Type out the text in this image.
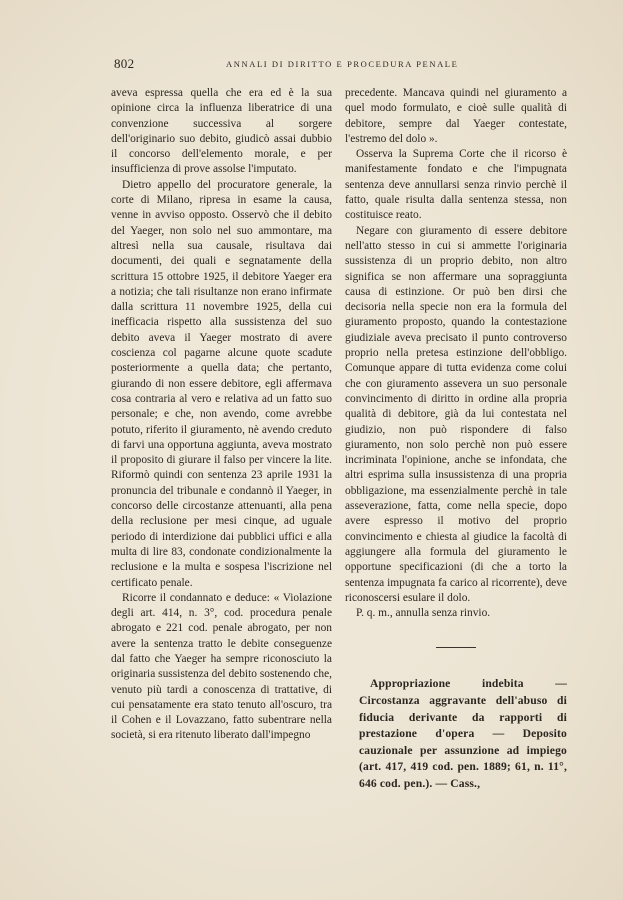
802	ANNALI DI DIRITTO E PROCEDURA PENALE

aveva espressa quella che era ed è la sua opinione circa la influenza liberatrice di una convenzione successiva al sorgere dell'originario suo debito, giudicò assai dubbio il concorso dell'elemento morale, e per insufficienza di prove assolse l'imputato.

Dietro appello del procuratore generale, la corte di Milano, ripresa in esame la causa, venne in avviso opposto. Osservò che il debito del Yaeger, non solo nel suo ammontare, ma altresì nella sua causale, risultava dai documenti, dei quali e segnatamente della scrittura 15 ottobre 1925, il debitore Yaeger era a notizia; che tali risultanze non erano infirmate dalla scrittura 11 novembre 1925, della cui inefficacia rispetto alla sussistenza del suo debito aveva il Yaeger mostrato di avere coscienza col pagarne alcune quote scadute posteriormente a quella data; che pertanto, giurando di non essere debitore, egli affermava cosa contraria al vero e relativa ad un fatto suo personale; e che, non avendo, come avrebbe potuto, riferito il giuramento, nè avendo creduto di farvi una opportuna aggiunta, aveva mostrato il proposito di giurare il falso per vincere la lite. Riformò quindi con sentenza 23 aprile 1931 la pronuncia del tribunale e condannò il Yaeger, in concorso delle circostanze attenuanti, alla pena della reclusione per mesi cinque, ad uguale periodo di interdizione dai pubblici uffici e alla multa di lire 83, condonate condizionalmente la reclusione e la multa e sospesa l'iscrizione nel certificato penale.

Ricorre il condannato e deduce: « Violazione degli art. 414, n. 3°, cod. procedura penale abrogato e 221 cod. penale abrogato, per non avere la sentenza tratto le debite conseguenze dal fatto che Yaeger ha sempre riconosciuto la originaria sussistenza del debito sostenendo che, venuto più tardi a conoscenza di trattative, di cui pensatamente era stato tenuto all'oscuro, tra il Cohen e il Lovazzano, fatto subentrare nella società, si era ritenuto liberato dall'impegno

precedente. Mancava quindi nel giuramento a quel modo formulato, e cioè sulle qualità di debitore, sempre dal Yaeger contestate, l'estremo del dolo ».

Osserva la Suprema Corte che il ricorso è manifestamente fondato e che l'impugnata sentenza deve annullarsi senza rinvio perchè il fatto, quale risulta dalla sentenza stessa, non costituisce reato.

Negare con giuramento di essere debitore nell'atto stesso in cui si ammette l'originaria sussistenza di un proprio debito, non altro significa se non affermare una sopraggiunta causa di estinzione. Or può ben dirsi che decisoria nella specie non era la formula del giuramento proposto, quando la contestazione giudiziale aveva precisato il punto controverso proprio nella pretesa estinzione dell'obbligo. Comunque appare di tutta evidenza come colui che con giuramento assevera un suo personale convincimento di diritto in ordine alla propria qualità di debitore, già da lui contestata nel giudizio, non può rispondere di falso giuramento, non solo perchè non può essere incriminata l'opinione, anche se infondata, che altri esprima sulla insussistenza di una propria obbligazione, ma essenzialmente perchè in tale asseverazione, fatta, come nella specie, dopo avere espresso il motivo del proprio convincimento e chiesta al giudice la facoltà di aggiungere alla formula del giuramento le opportune specificazioni (di che a torto la sentenza impugnata fa carico al ricorrente), deve riconoscersi esulare il dolo.

P. q. m., annulla senza rinvio.

Appropriazione indebita — Circostanza aggravante dell'abuso di fiducia derivante da rapporti di prestazione d'opera — Deposito cauzionale per assunzione ad impiego (art. 417, 419 cod. pen. 1889; 61, n. 11°, 646 cod. pen.). — Cass.,
